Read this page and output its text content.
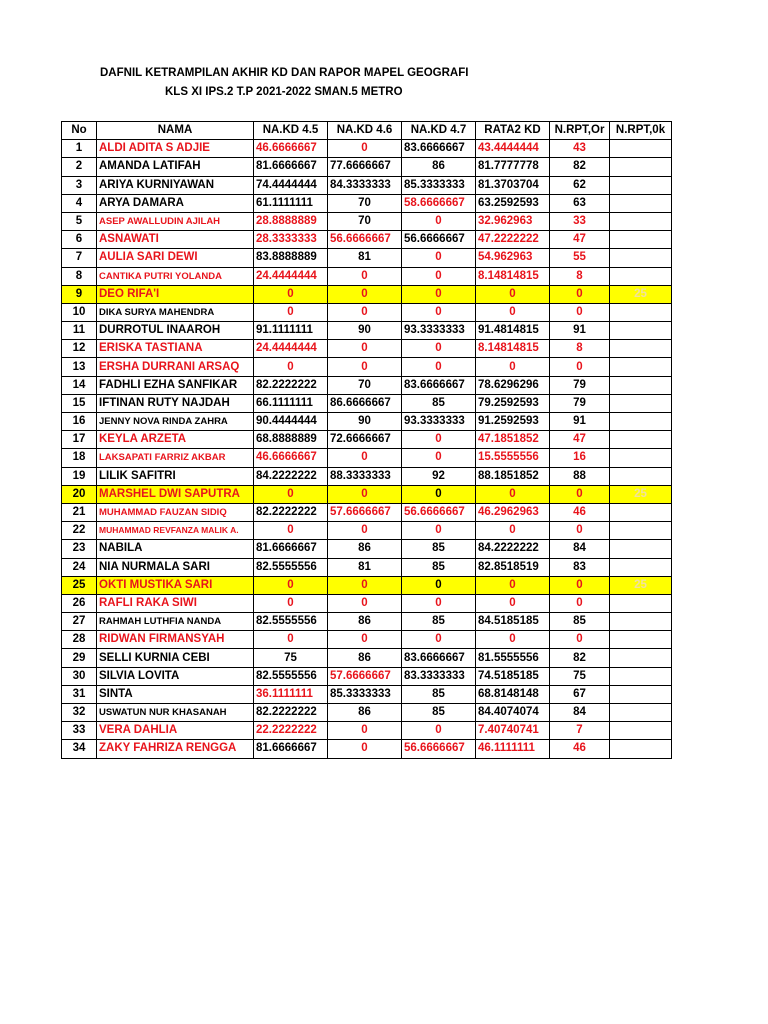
DAFNIL KETRAMPILAN AKHIR KD DAN RAPOR MAPEL GEOGRAFI
KLS XI IPS.2 T.P 2021-2022 SMAN.5 METRO
No	NAMA	NA.KD 4.5	NA.KD 4.6	NA.KD 4.7	RATA2 KD	N.RPT,Or	N.RPT,0k
1	ALDI ADITA S ADJIE	46.6666667	0	83.6666667	43.4444444	43	
2	AMANDA LATIFAH	81.6666667	77.6666667	86	81.7777778	82	
3	ARIYA KURNIYAWAN	74.4444444	84.3333333	85.3333333	81.3703704	62	
4	ARYA DAMARA	61.1111111	70	58.6666667	63.2592593	63	
5	ASEP AWALLUDIN AJILAH	28.8888889	70	0	32.962963	33	
6	ASNAWATI	28.3333333	56.6666667	56.6666667	47.2222222	47	
7	AULIA SARI DEWI	83.8888889	81	0	54.962963	55	
8	CANTIKA PUTRI YOLANDA	24.4444444	0	0	8.14814815	8	
9	DEO RIFA'I	0	0	0	0	0	25
10	DIKA SURYA MAHENDRA	0	0	0	0	0	
11	DURROTUL INAAROH	91.1111111	90	93.3333333	91.4814815	91	
12	ERISKA TASTIANA	24.4444444	0	0	8.14814815	8	
13	ERSHA DURRANI ARSAQ	0	0	0	0	0	
14	FADHLI EZHA SANFIKAR	82.2222222	70	83.6666667	78.6296296	79	
15	IFTINAN RUTY NAJDAH	66.1111111	86.6666667	85	79.2592593	79	
16	JENNY NOVA RINDA ZAHRA	90.4444444	90	93.3333333	91.2592593	91	
17	KEYLA ARZETA	68.8888889	72.6666667	0	47.1851852	47	
18	LAKSAPATI FARRIZ AKBAR	46.6666667	0	0	15.5555556	16	
19	LILIK SAFITRI	84.2222222	88.3333333	92	88.1851852	88	
20	MARSHEL DWI SAPUTRA	0	0	0	0	0	25
21	MUHAMMAD FAUZAN SIDIQ	82.2222222	57.6666667	56.6666667	46.2962963	46	
22	MUHAMMAD REVFANZA MALIK A.	0	0	0	0	0	
23	NABILA	81.6666667	86	85	84.2222222	84	
24	NIA NURMALA SARI	82.5555556	81	85	82.8518519	83	
25	OKTI MUSTIKA SARI	0	0	0	0	0	25
26	RAFLI RAKA SIWI	0	0	0	0	0	
27	RAHMAH LUTHFIA NANDA	82.5555556	86	85	84.5185185	85	
28	RIDWAN FIRMANSYAH	0	0	0	0	0	
29	SELLI KURNIA CEBI	75	86	83.6666667	81.5555556	82	
30	SILVIA LOVITA	82.5555556	57.6666667	83.3333333	74.5185185	75	
31	SINTA	36.1111111	85.3333333	85	68.8148148	67	
32	USWATUN NUR KHASANAH	82.2222222	86	85	84.4074074	84	
33	VERA DAHLIA	22.2222222	0	0	7.40740741	7	
34	ZAKY FAHRIZA RENGGA	81.6666667	0	56.6666667	46.1111111	46	
